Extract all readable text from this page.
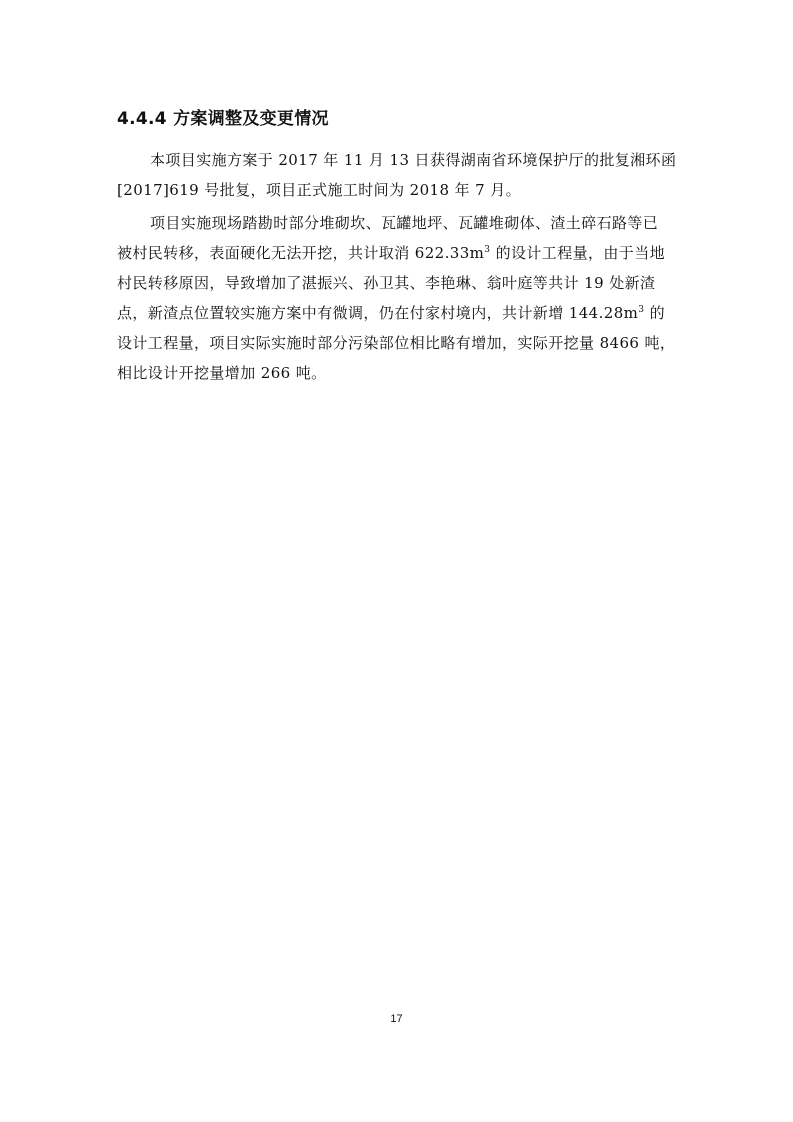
4.4.4 方案调整及变更情况
本项目实施方案于 2017 年 11 月 13 日获得湖南省环境保护厅的批复湘环函
[2017]619 号批复，项目正式施工时间为 2018 年 7 月。
项目实施现场踏勘时部分堆砌坎、瓦罐地坪、瓦罐堆砌体、渣土碎石路等已
被村民转移，表面硬化无法开挖，共计取消 $622.33m^3$ 的设计工程量，由于当地
村民转移原因，导致增加了湛振兴、孙卫其、李艳琳、翁叶庭等共计 19 处新渣
点，新渣点位置较实施方案中有微调，仍在付家村境内，共计新增 $144.28m^3$ 的
设计工程量，项目实际实施时部分污染部位相比略有增加，实际开挖量 8466 吨，
相比设计开挖量增加 266 吨。
17
